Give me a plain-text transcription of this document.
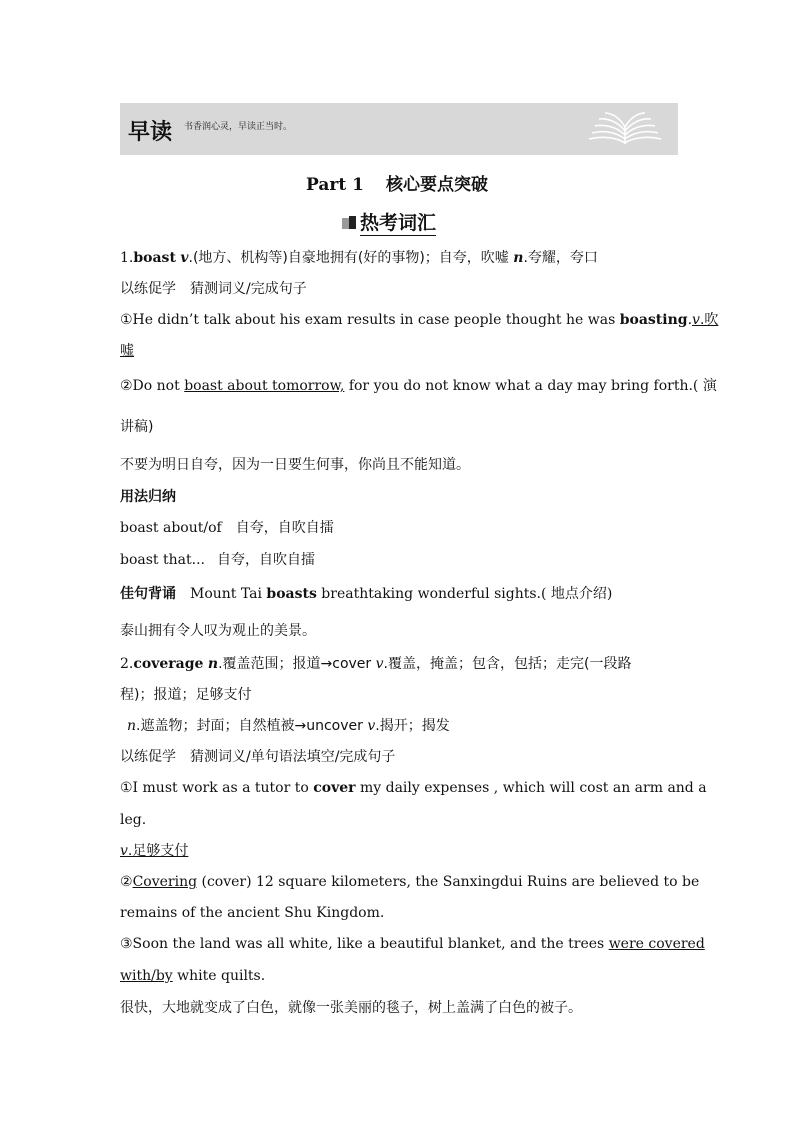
早读 书香润心灵，早读正当时。
Part 1 核心要点突破
热考词汇
1.boast v.(地方、机构等)自豪地拥有(好的事物)；自夸，吹嘘 n.夸耀，夸口
以练促学　猜测词义/完成句子
①He didn’t talk about his exam results in case people thought he was boasting.v.吹
嘘
②Do not boast about tomorrow, for you do not know what a day may bring forth.( 演
讲稿)
不要为明日自夸，因为一日要生何事，你尚且不能知道。
用法归纳
boast about/of 自夸，自吹自擂
boast that... 自夸，自吹自擂
佳句背诵 Mount Tai boasts breathtaking wonderful sights.( 地点介绍)
泰山拥有令人叹为观止的美景。
2.coverage n.覆盖范围；报道→cover v.覆盖，掩盖；包含，包括；走完(一段路
程)；报道；足够支付
n.遮盖物；封面；自然植被→uncover v.揭开；揭发
以练促学　猜测词义/单句语法填空/完成句子
①I must work as a tutor to cover my daily expenses , which will cost an arm and a
leg.
v.足够支付
②Covering (cover) 12 square kilometers, the Sanxingdui Ruins are believed to be
remains of the ancient Shu Kingdom.
③Soon the land was all white, like a beautiful blanket, and the trees were covered
with/by white quilts.
很快，大地就变成了白色，就像一张美丽的毯子，树上盖满了白色的被子。
